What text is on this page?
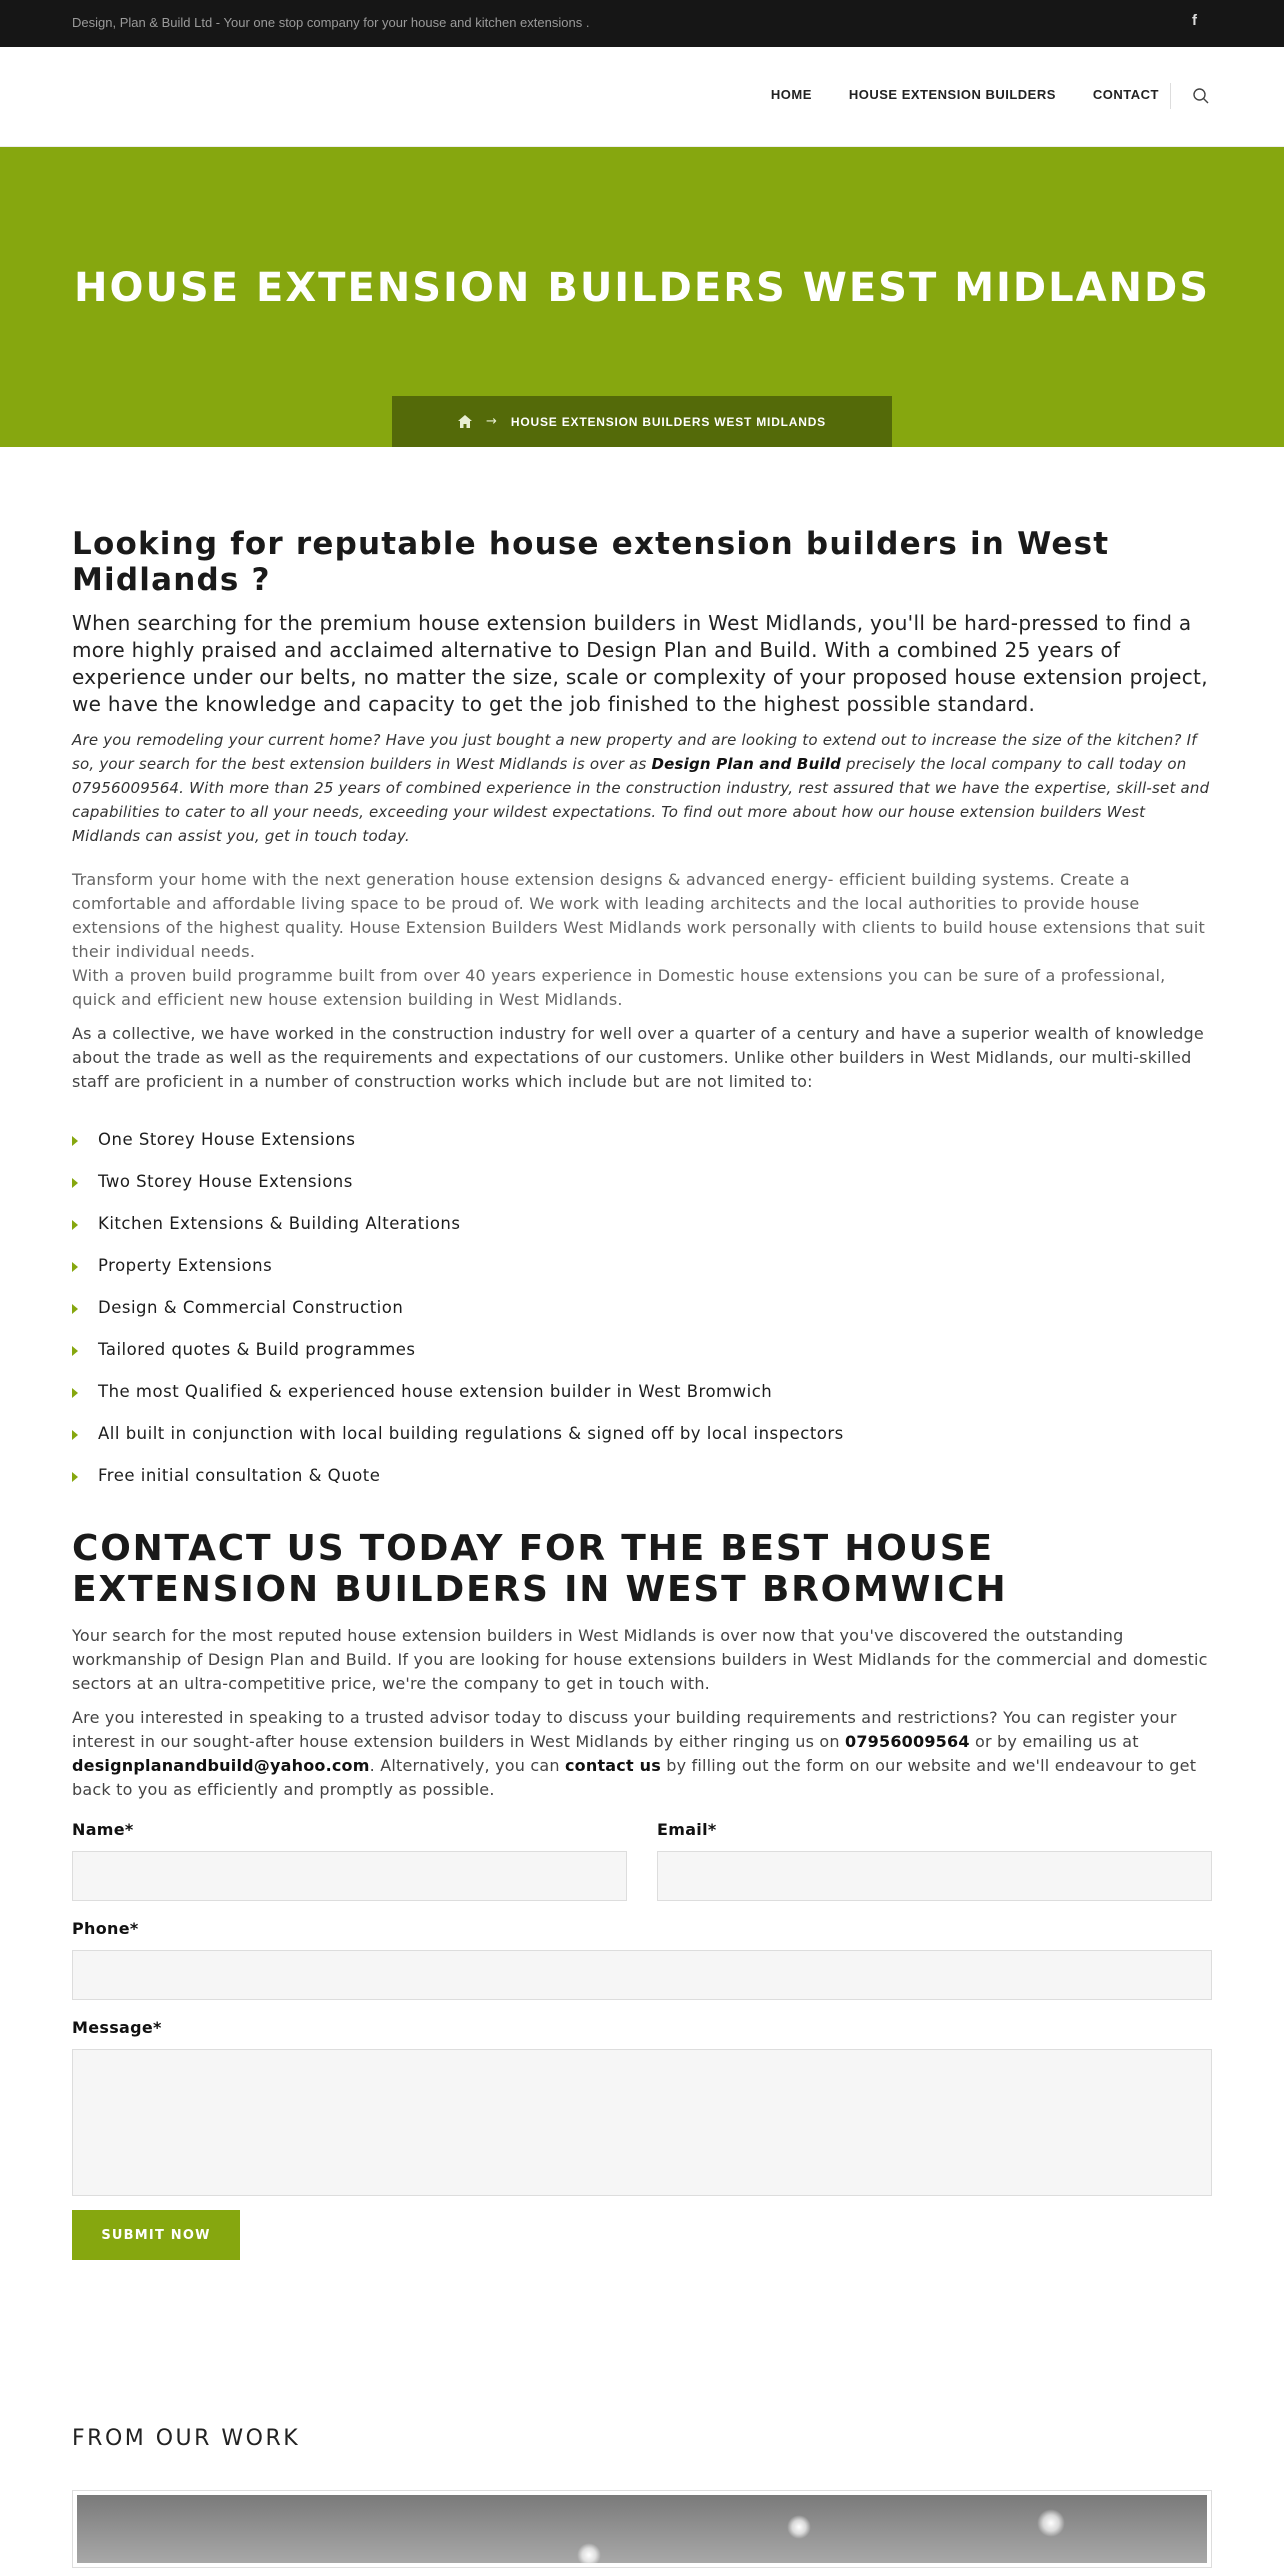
Design, Plan & Build Ltd - Your one stop company for your house and kitchen extensions .	f
HOME	HOUSE EXTENSION BUILDERS	CONTACT
HOUSE EXTENSION BUILDERS WEST MIDLANDS
→ HOUSE EXTENSION BUILDERS WEST MIDLANDS
Looking for reputable house extension builders in West Midlands ?

When searching for the premium house extension builders in West Midlands, you'll be hard-pressed to find a more highly praised and acclaimed alternative to Design Plan and Build. With a combined 25 years of experience under our belts, no matter the size, scale or complexity of your proposed house extension project, we have the knowledge and capacity to get the job finished to the highest possible standard.

Are you remodeling your current home? Have you just bought a new property and are looking to extend out to increase the size of the kitchen? If so, your search for the best extension builders in West Midlands is over as Design Plan and Build precisely the local company to call today on 07956009564. With more than 25 years of combined experience in the construction industry, rest assured that we have the expertise, skill-set and capabilities to cater to all your needs, exceeding your wildest expectations. To find out more about how our house extension builders West Midlands can assist you, get in touch today.

Transform your home with the next generation house extension designs & advanced energy- efficient building systems. Create a comfortable and affordable living space to be proud of. We work with leading architects and the local authorities to provide house extensions of the highest quality. House Extension Builders West Midlands work personally with clients to build house extensions that suit their individual needs.

With a proven build programme built from over 40 years experience in Domestic house extensions you can be sure of a professional, quick and efficient new house extension building in West Midlands.

As a collective, we have worked in the construction industry for well over a quarter of a century and have a superior wealth of knowledge about the trade as well as the requirements and expectations of our customers. Unlike other builders in West Midlands, our multi-skilled staff are proficient in a number of construction works which include but are not limited to:

One Storey House Extensions
Two Storey House Extensions
Kitchen Extensions & Building Alterations
Property Extensions
Design & Commercial Construction
Tailored quotes & Build programmes
The most Qualified & experienced house extension builder in West Bromwich
All built in conjunction with local building regulations & signed off by local inspectors
Free initial consultation & Quote
CONTACT US TODAY FOR THE BEST HOUSE EXTENSION BUILDERS IN WEST BROMWICH

Your search for the most reputed house extension builders in West Midlands is over now that you've discovered the outstanding workmanship of Design Plan and Build. If you are looking for house extensions builders in West Midlands for the commercial and domestic sectors at an ultra-competitive price, we're the company to get in touch with.

Are you interested in speaking to a trusted advisor today to discuss your building requirements and restrictions? You can register your interest in our sought-after house extension builders in West Midlands by either ringing us on 07956009564 or by emailing us at designplanandbuild@yahoo.com. Alternatively, you can contact us by filling out the form on our website and we'll endeavour to get back to you as efficiently and promptly as possible.

Name*	Email*
Phone*
Message*
SUBMIT NOW
FROM OUR WORK
